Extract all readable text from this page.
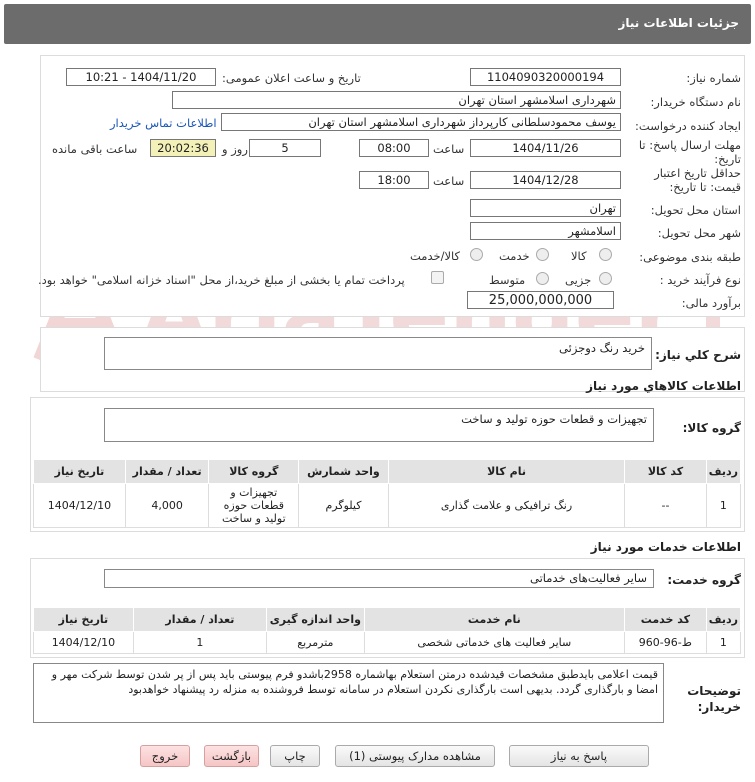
جزئیات اطلاعات نیاز
شماره نیاز:
1104090320000194
تاریخ و ساعت اعلان عمومی:
1404/11/20 - 10:21
نام دستگاه خریدار:
شهرداری اسلامشهر استان تهران
ایجاد کننده درخواست:
یوسف محمودسلطانی کارپرداز شهرداری اسلامشهر استان تهران
اطلاعات تماس خریدار
مهلت ارسال پاسخ: تا تاریخ:
1404/11/26
ساعت
08:00
5
روز و
20:02:36
ساعت باقی مانده
حداقل تاریخ اعتبار قیمت: تا تاریخ:
1404/12/28
ساعت
18:00
استان محل تحویل:
تهران
شهر محل تحویل:
اسلامشهر
طبقه بندی موضوعی:
کالا
خدمت
کالا/خدمت
نوع فرآیند خرید :
جزیی
متوسط
پرداخت تمام یا بخشی از مبلغ خرید،از محل "اسناد خزانه اسلامی" خواهد بود.
برآورد مالی:
25,000,000,000
شرح كلي نياز:
خرید رنگ دوجزئی
اطلاعات كالاهاي مورد نياز
گروه کالا:
تجهیزات و قطعات حوزه تولید و ساخت
ردیف	کد کالا	نام کالا	واحد شمارش	گروه کالا	تعداد / مقدار	تاریخ نیاز
1	--	رنگ ترافیکی و علامت گذاری	کیلوگرم	تجهیزات و قطعات حوزه تولید و ساخت	4,000	1404/12/10
اطلاعات خدمات مورد نياز
گروه خدمت:
سایر فعالیت‌های خدماتی
ردیف	کد خدمت	نام خدمت	واحد اندازه گیری	تعداد / مقدار	تاریخ نیاز
1	ط-96-960	سایر فعالیت های خدماتی شخصی	مترمربع	1	1404/12/10
توضیحات خریدار:
قیمت اعلامی بایدطبق مشخصات قیدشده درمتن استعلام بهاشماره 2958باشدو فرم پیوستی باید پس از پر شدن توسط شرکت مهر و امضا و بارگذاری گردد. بدیهی است بارگذاری نکردن استعلام در سامانه توسط فروشنده به منزله رد پیشنهاد خواهدبود
پاسخ به نیاز
مشاهده مدارک پیوستی (1)
چاپ
بازگشت
خروج
